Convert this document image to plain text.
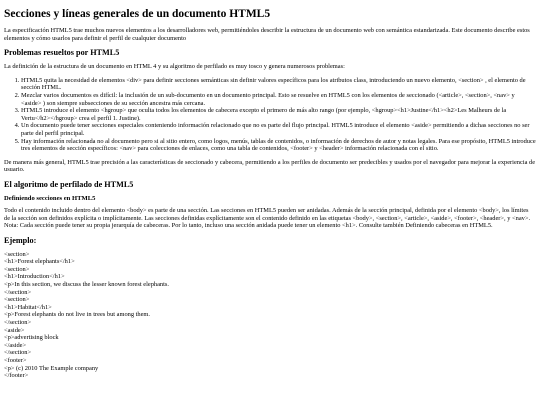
Secciones y líneas generales de un documento HTML5

La especificación HTML5 trae muchos nuevos elementos a los desarrolladores web, permitiéndoles describir la estructura de un documento web con semántica estandarizada. Este documento describe estos elementos y cómo usarlos para definir el perfil de cualquier documento

Problemas resueltos por HTML5

La definición de la estructura de un documento en HTML 4 y su algoritmo de perfilado es muy tosco y genera numerosos problemas:

1. HTML5 quita la necesidad de elementos <div> para definir secciones semánticas sin definir valores específicos para los atributos class, introduciendo un nuevo elemento, <section> , el elemento de sección HTML.
2. Mezclar varios documentos es difícil: la inclusión de un sub-documento en un documento principal. Esto se resuelve en HTML5 con los elementos de seccionado (<article>, <section>, <nav> y <aside> ) son siempre subsecciones de su sección ancestra más cercana.
3. HTML5 introduce el elemento <hgroup> que oculta todos los elementos de cabecera excepto el primero de más alto rango (por ejemplo, <hgroup><h1>Justine</h1><h2>Les Malheurs de la Vertu</h2></hgroup> crea el perfil 1. Justine).
4. Un documento puede tener secciones especiales conteniendo información relacionado que no es parte del flujo principal. HTML5 introduce el elemento <aside> permitiendo a dichas secciones no ser parte del perfil principal.
5. Hay información relacionada no al documento pero si al sitio entero, como logos, menús, tablas de contenidos, o información de derechos de autor y notas legales. Para ese propósito, HTML5 introduce tres elementos de sección específicos: <nav> para colecciones de enlaces, como una tabla de contenidos, <footer> y <header> información relacionada con el sitio.

De manera más general, HTML5 trae precisión a las características de seccionado y cabecera, permitiendo a los perfiles de documento ser predecibles y usados por el navegador para mejorar la experiencia de usuario.

El algoritmo de perfilado de HTML5
Definiendo secciones en HTML5

Todo el contenido incluido dentro del elemento <body> es parte de una sección. Las secciones en HTML5 pueden ser anidadas. Además de la sección principal, definida por el elemento <body>, los límites de la sección son definidos explícita o implícitamente. Las secciones definidas explícitamente son el contenido definido en las etiquetas <body>, <section>, <article>, <aside>, <footer>, <header>, y <nav>. Nota: Cada sección puede tener su propia jerarquía de cabeceras. Por lo tanto, incluso una sección anidada puede tener un elemento <h1>. Consulte también Definiendo cabeceras en HTML5.

Ejemplo:
<section>
<h1>Forest elephants</h1>
<section>
<h1>Introduction</h1>
<p>In this section, we discuss the lesser known forest elephants.
</section>
<section>
<h1>Habitat</h1>
<p>Forest elephants do not live in trees but among them.
</section>
<aside>
<p>advertising block
</aside>
</section>
<footer>
<p> (c) 2010 The Example company
</footer>
